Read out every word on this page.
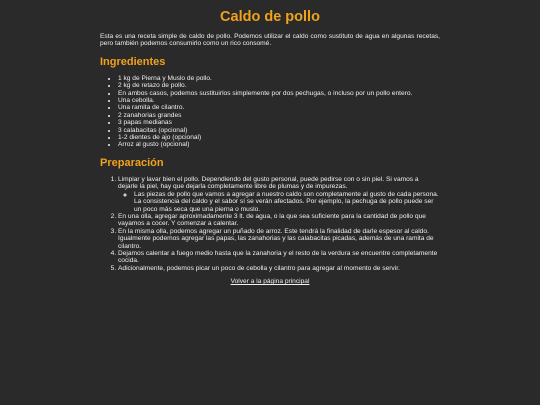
Caldo de pollo

Esta es una receta simple de caldo de pollo. Podemos utilizar el caldo como sustituto de agua en algunas recetas, pero también podemos consumirlo como un rico consomé.

Ingredientes
• 1 kg de Pierna y Muslo de pollo.
• 2 kg de retazo de pollo.
• En ambos casos, podemos sustituirlos simplemente por dos pechugas, o incluso por un pollo entero.
• Una cebolla.
• Una ramita de cilantro.
• 2 zanahorias grandes
• 3 papas medianas
• 3 calabacitas (opcional)
• 1-2 dientes de ajo (opcional)
• Arroz al gusto (opcional)
Preparación
1. Limpiar y lavar bien el pollo. Dependiendo del gusto personal, puede pedirse con o sin piel. Si vamos a dejarle la piel, hay que dejarla completamente libre de plumas y de impurezas.
◦ Las piezas de pollo que vamos a agregar a nuestro caldo son completamente al gusto de cada persona. La consistencia del caldo y el sabor sí se verán afectados. Por ejemplo, la pechuga de pollo puede ser un poco más seca que una pierna o muslo.
2. En una olla, agregar aproximadamente 3 lt. de agua, o la que sea suficiente para la cantidad de pollo que vayamos a cocer. Y comenzar a calentar.
3. En la misma olla, podemos agregar un puñado de arroz. Este tendrá la finalidad de darle espesor al caldo. Igualmente podemos agregar las papas, las zanahorias y las calabacitas picadas, además de una ramita de cilantro.
4. Dejamos calentar a fuego medio hasta que la zanahoria y el resto de la verdura se encuentre completamente cocida.
5. Adicionalmente, podemos picar un poco de cebolla y cilantro para agregar al momento de servir.
Volver a la página principal
